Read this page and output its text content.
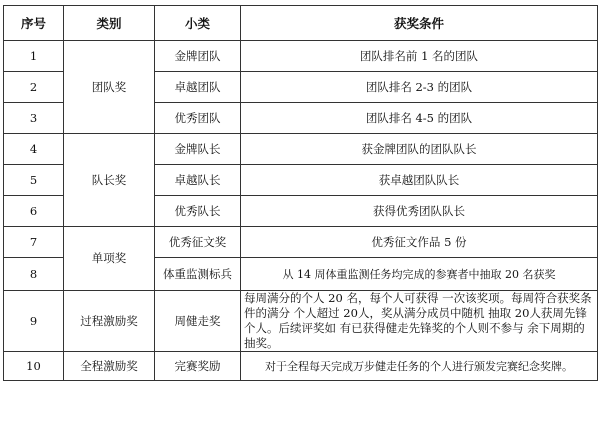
序号	类别	小类	获奖条件
1	团队奖	金牌团队	团队排名前 1 名的团队
2		卓越团队	团队排名 2-3 的团队
3		优秀团队	团队排名 4-5 的团队
4	队长奖	金牌队长	获金牌团队的团队队长
5		卓越队长	获卓越团队队长
6		优秀队长	获得优秀团队队长
7	单项奖	优秀征文奖	优秀征文作品 5 份
8		体重监测标兵	从 14 周体重监测任务均完成的参赛者中抽取 20 名获奖
9	过程激励奖	周健走奖	每周满分的个人 20 名，每个人可获得 一次该奖项。每周符合获奖条件的满分 个人超过 20人，奖从满分成员中随机 抽取 20人获周先锋个人。后续评奖如 有已获得健走先锋奖的个人则不参与 余下周期的抽奖。
10	全程激励奖	完赛奖励	对于全程每天完成万步健走任务的个人进行颁发完赛纪念奖牌。
